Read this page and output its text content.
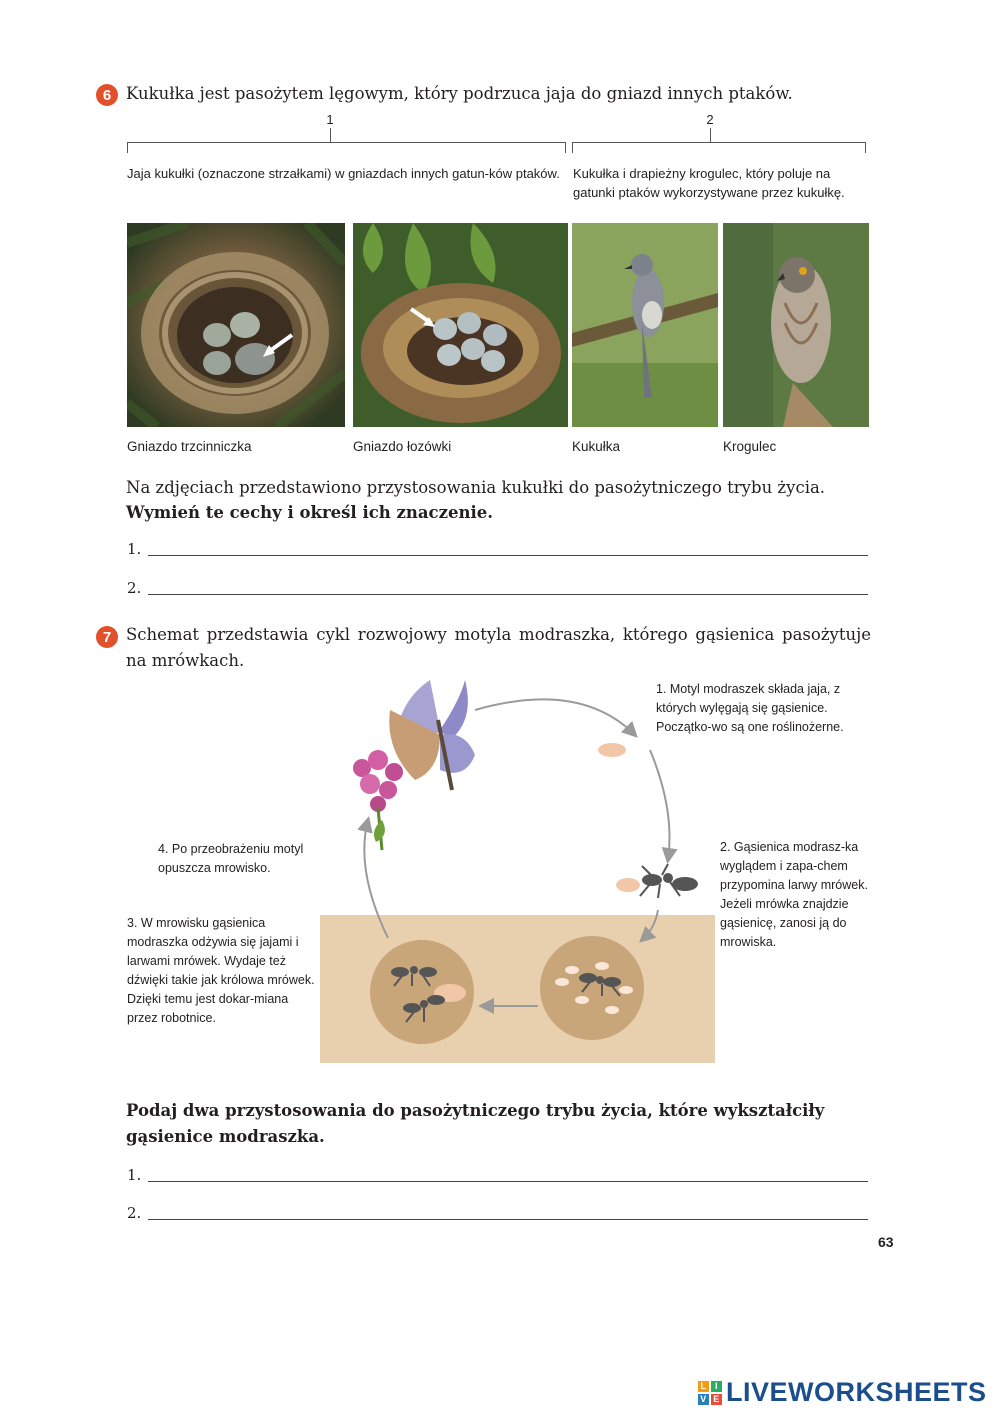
6 Kukułka jest pasożytem lęgowym, który podrzuca jaja do gniazd innych ptaków.
1	2
Jaja kukułki (oznaczone strzałkami) w gniazdach innych gatun-ków ptaków. Kukułka i drapieżny krogulec, który poluje na gatunki ptaków wykorzystywane przez kukułkę.
Gniazdo trzcinniczka	Gniazdo łozówki	Kukułka	Krogulec
Na zdjęciach przedstawiono przystosowania kukułki do pasożytniczego trybu życia.
Wymień te cechy i określ ich znaczenie.
1.
2.
7 Schemat przedstawia cykl rozwojowy motyla modraszka, którego gąsienica pasożytuje na mrówkach.
1. Motyl modraszek składa jaja, z których wylęgają się gąsienice. Początko-wo są one roślinożerne.
2. Gąsienica modrasz-ka wyglądem i zapa-chem przypomina larwy mrówek. Jeżeli mrówka znajdzie gąsienicę, zanosi ją do mrowiska.
3. W mrowisku gąsienica modraszka odżywia się jajami i larwami mrówek. Wydaje też dźwięki takie jak królowa mrówek. Dzięki temu jest dokar-miana przez robotnice.
4. Po przeobrażeniu motyl opuszcza mrowisko.
Podaj dwa przystosowania do pasożytniczego trybu życia, które wykształciły gąsienice modraszka.
1.
2.
63
L I
V E LIVEWORKSHEETS
